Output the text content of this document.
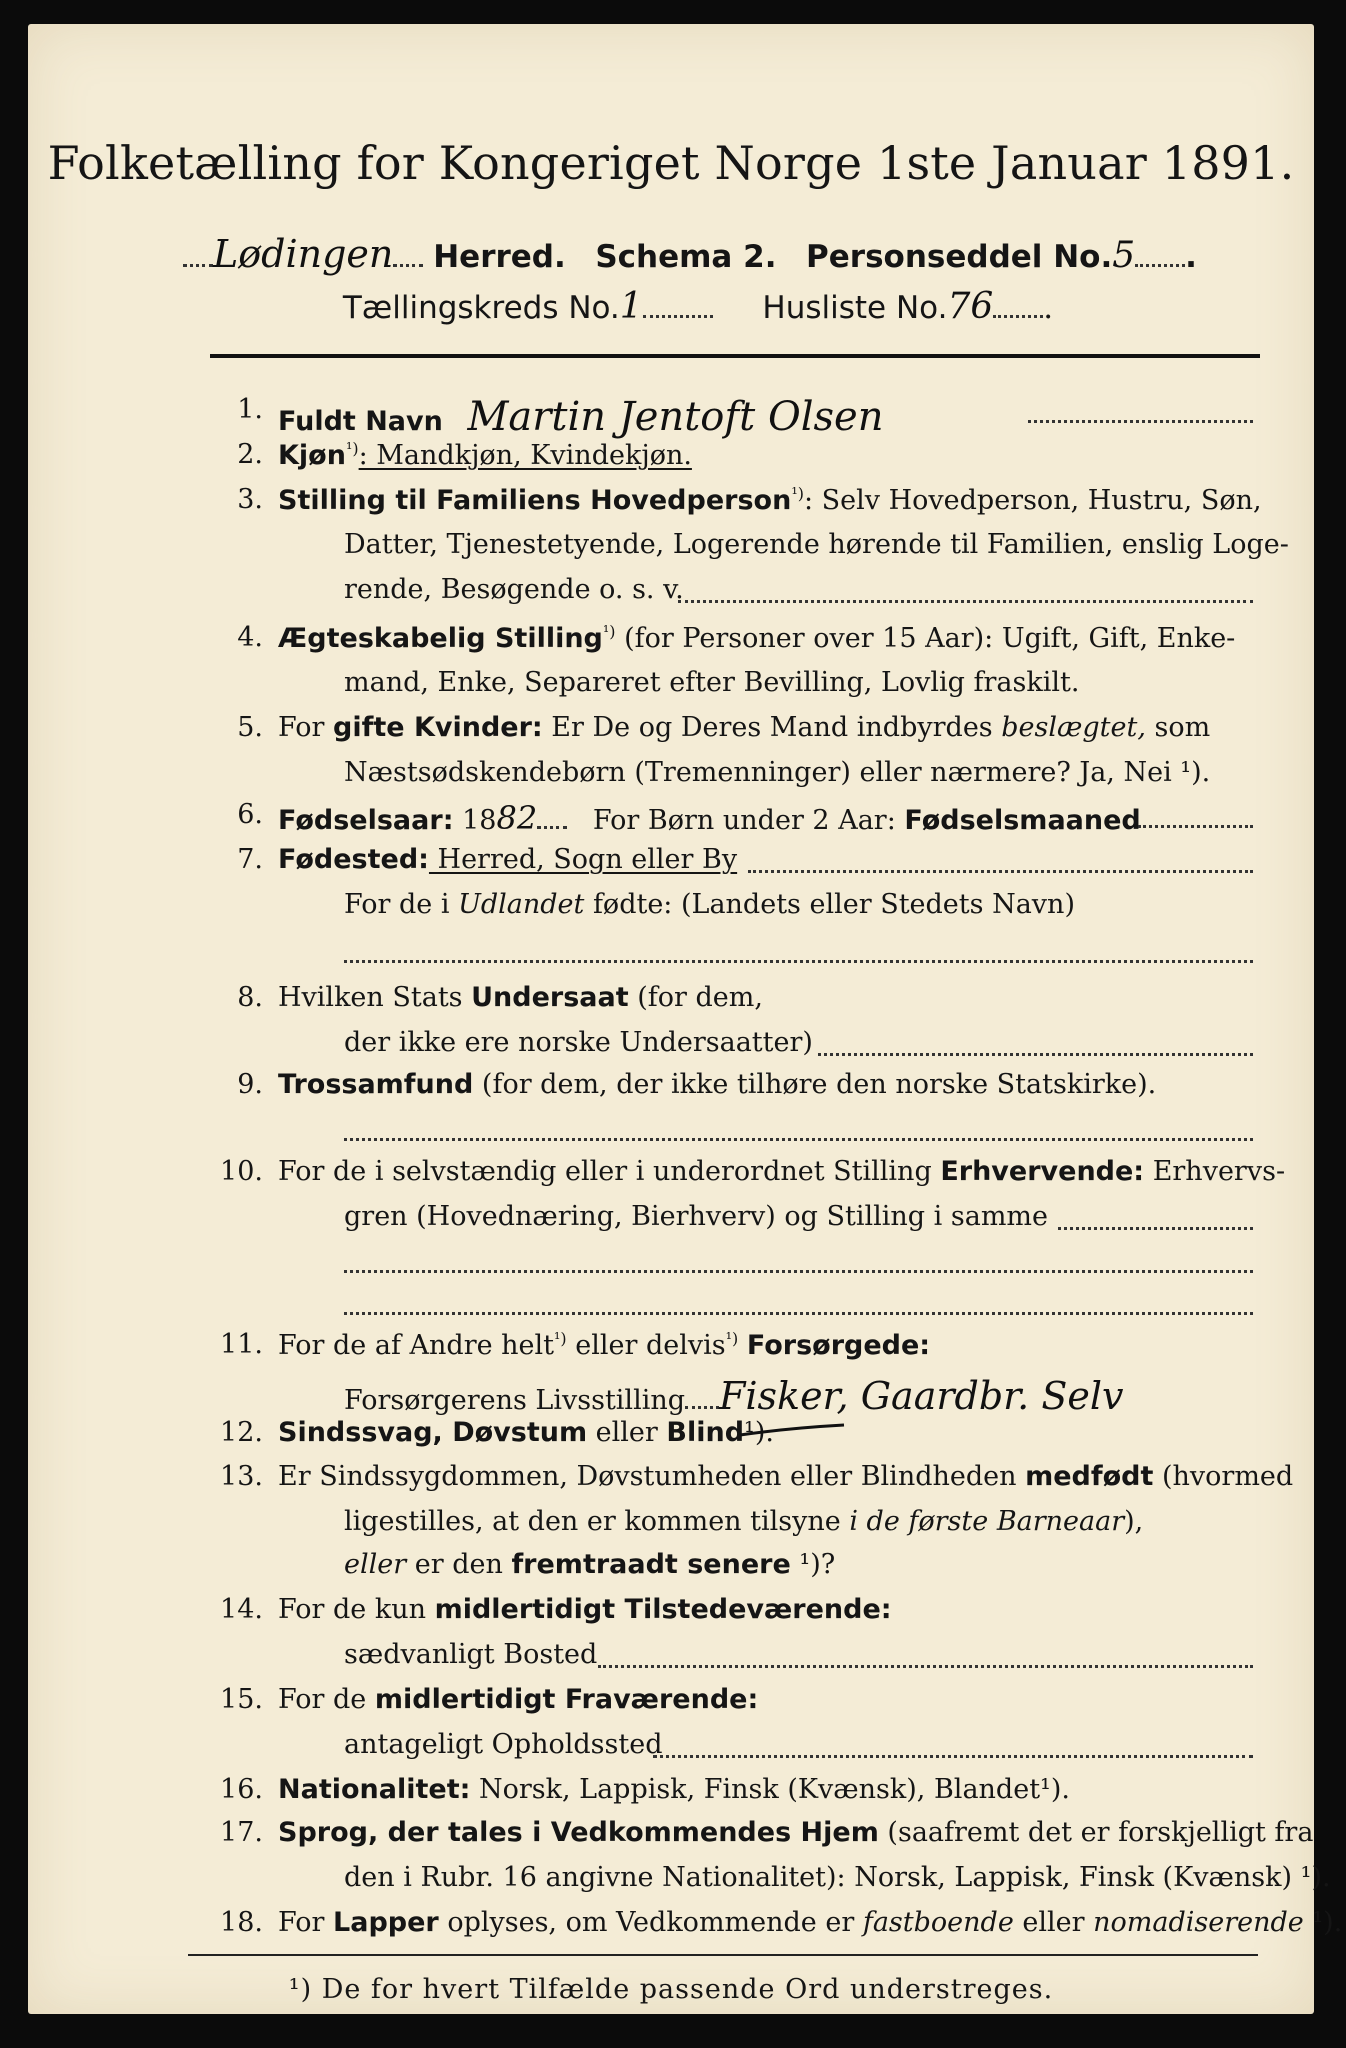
Folketælling for Kongeriget Norge 1ste Januar 1891.
Lødingen Herred. Schema 2. Personseddel No.5 .
Tællingskreds No.1	Husliste No.76 .
1. Fuldt Navn Martin Jentoft Olsen
2. Kjøn$^{^1)}$: Mandkjøn, Kvindekjøn.
3. Stilling til Familiens Hovedperson$^{^1)}$: Selv Hovedperson, Hustru, Søn,
Datter, Tjenestetyende, Logerende hørende til Familien, enslig Loge-
rende, Besøgende o. s. v.
4. Ægteskabelig Stilling$^{^1)}$ (for Personer over 15 Aar): Ugift, Gift, Enke-
mand, Enke, Separeret efter Bevilling, Lovlig fraskilt.
5. For gifte Kvinder: Er De og Deres Mand indbyrdes beslægtet, som
Næstsødskendebørn (Tremenninger) eller nærmere? Ja, Nei ¹).
6. Fødselsaar: 1882 For Børn under 2 Aar: Fødselsmaaned
7. Fødested: Herred, Sogn eller By
For de i Udlandet fødte: (Landets eller Stedets Navn)
8. Hvilken Stats Undersaat (for dem,
der ikke ere norske Undersaatter)
9. Trossamfund (for dem, der ikke tilhøre den norske Statskirke).
10. For de i selvstændig eller i underordnet Stilling Erhvervende: Erhvervs-
gren (Hovednæring, Bierhverv) og Stilling i samme
11. For de af Andre helt$^{^1)}$ eller delvis$^{^1)}$ Forsørgede:
Forsørgerens Livsstilling Fisker, Gaardbr. Selv
12. Sindssvag, Døvstum eller Blind¹).
13. Er Sindssygdommen, Døvstumheden eller Blindheden medfødt (hvormed
ligestilles, at den er kommen tilsyne i de første Barneaar),
eller er den fremtraadt senere ¹)?
14. For de kun midlertidigt Tilstedeværende:
sædvanligt Bosted
15. For de midlertidigt Fraværende:
antageligt Opholdssted
16. Nationalitet: Norsk, Lappisk, Finsk (Kvænsk), Blandet¹).
17. Sprog, der tales i Vedkommendes Hjem (saafremt det er forskjelligt fra
den i Rubr. 16 angivne Nationalitet): Norsk, Lappisk, Finsk (Kvænsk) ¹).
18. For Lapper oplyses, om Vedkommende er fastboende eller nomadiserende ¹).
¹) De for hvert Tilfælde passende Ord understreges.
